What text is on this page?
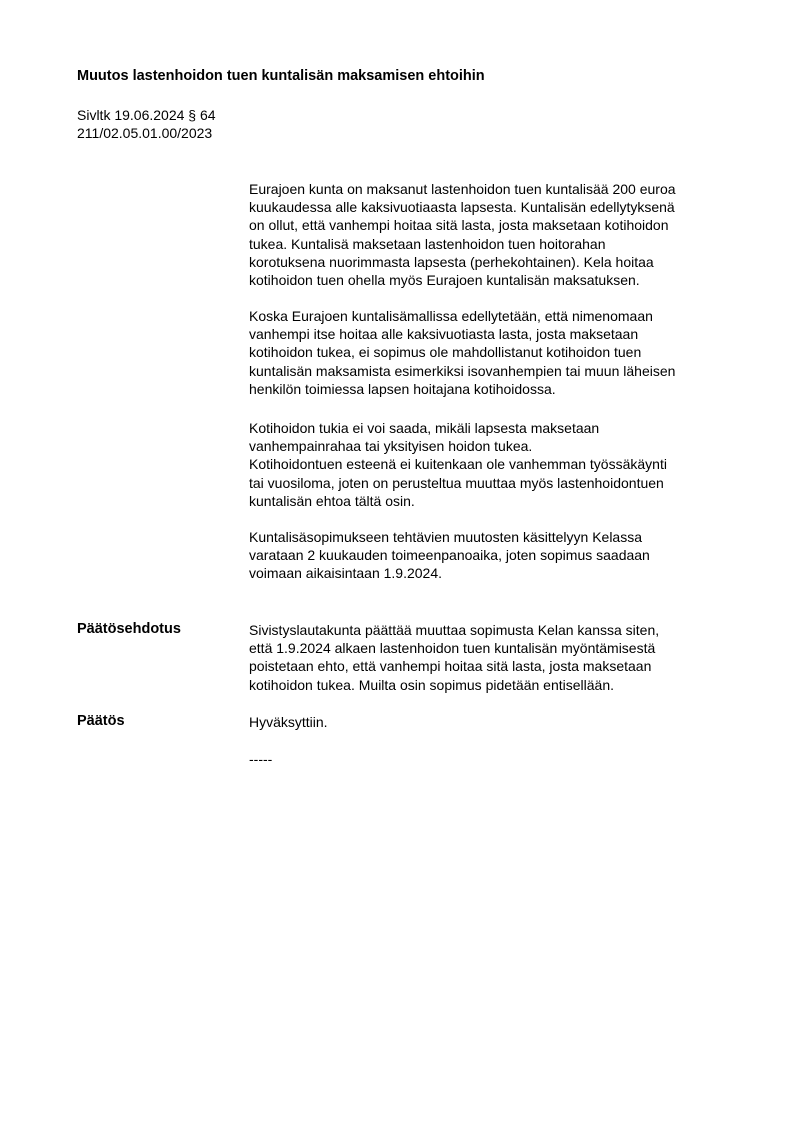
Muutos lastenhoidon tuen kuntalisän maksamisen ehtoihin
Sivltk 19.06.2024 § 64
211/02.05.01.00/2023
Eurajoen kunta on maksanut lastenhoidon tuen kuntalisää 200 euroa
kuukaudessa alle kaksivuotiaasta lapsesta. Kuntalisän edellytyksenä
on ollut, että vanhempi hoitaa sitä lasta, josta maksetaan kotihoidon
tukea. Kuntalisä maksetaan lastenhoidon tuen hoitorahan
korotuksena nuorimmasta lapsesta (perhekohtainen). Kela hoitaa
kotihoidon tuen ohella myös Eurajoen kuntalisän maksatuksen.
Koska Eurajoen kuntalisämallissa edellytetään, että nimenomaan
vanhempi itse hoitaa alle kaksivuotiasta lasta, josta maksetaan
kotihoidon tukea, ei sopimus ole mahdollistanut kotihoidon tuen
kuntalisän maksamista esimerkiksi isovanhempien tai muun läheisen
henkilön toimiessa lapsen hoitajana kotihoidossa.
Kotihoidon tukia ei voi saada, mikäli lapsesta maksetaan
vanhempainrahaa tai yksityisen hoidon tukea.
Kotihoidontuen esteenä ei kuitenkaan ole vanhemman työssäkäynti
tai vuosiloma, joten on perusteltua muuttaa myös lastenhoidontuen
kuntalisän ehtoa tältä osin.
Kuntalisäsopimukseen tehtävien muutosten käsittelyyn Kelassa
varataan 2 kuukauden toimeenpanoaika, joten sopimus saadaan
voimaan aikaisintaan 1.9.2024.
Päätösehdotus	Sivistyslautakunta päättää muuttaa sopimusta Kelan kanssa siten,
että 1.9.2024 alkaen lastenhoidon tuen kuntalisän myöntämisestä
poistetaan ehto, että vanhempi hoitaa sitä lasta, josta maksetaan
kotihoidon tukea. Muilta osin sopimus pidetään entisellään.
Päätös	Hyväksyttiin.
-----
